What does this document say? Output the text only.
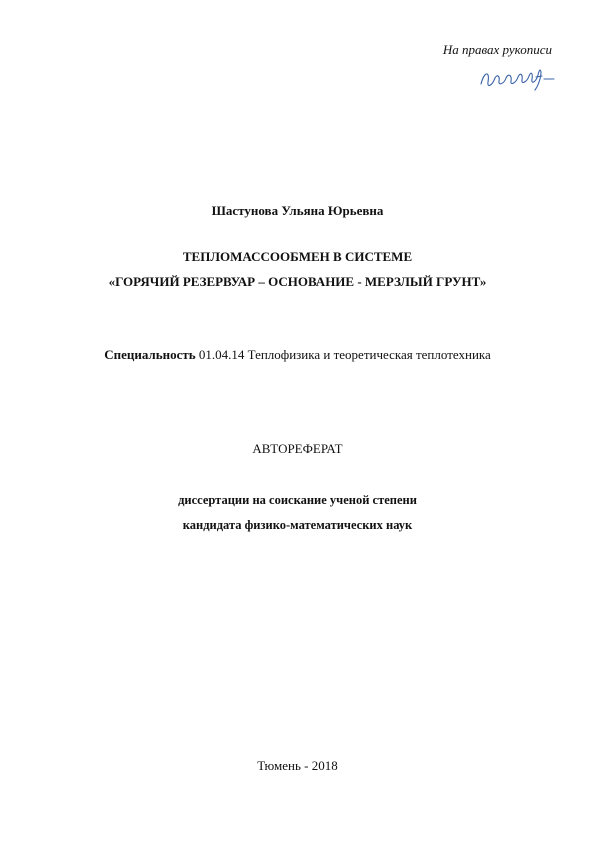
На правах рукописи
Шастунова Ульяна Юрьевна
ТЕПЛОМАССООБМЕН В СИСТЕМЕ
«ГОРЯЧИЙ РЕЗЕРВУАР – ОСНОВАНИЕ - МЕРЗЛЫЙ ГРУНТ»
Специальность 01.04.14 Теплофизика и теоретическая теплотехника
АВТОРЕФЕРАТ
диссертации на соискание ученой степени
кандидата физико-математических наук
Тюмень - 2018
